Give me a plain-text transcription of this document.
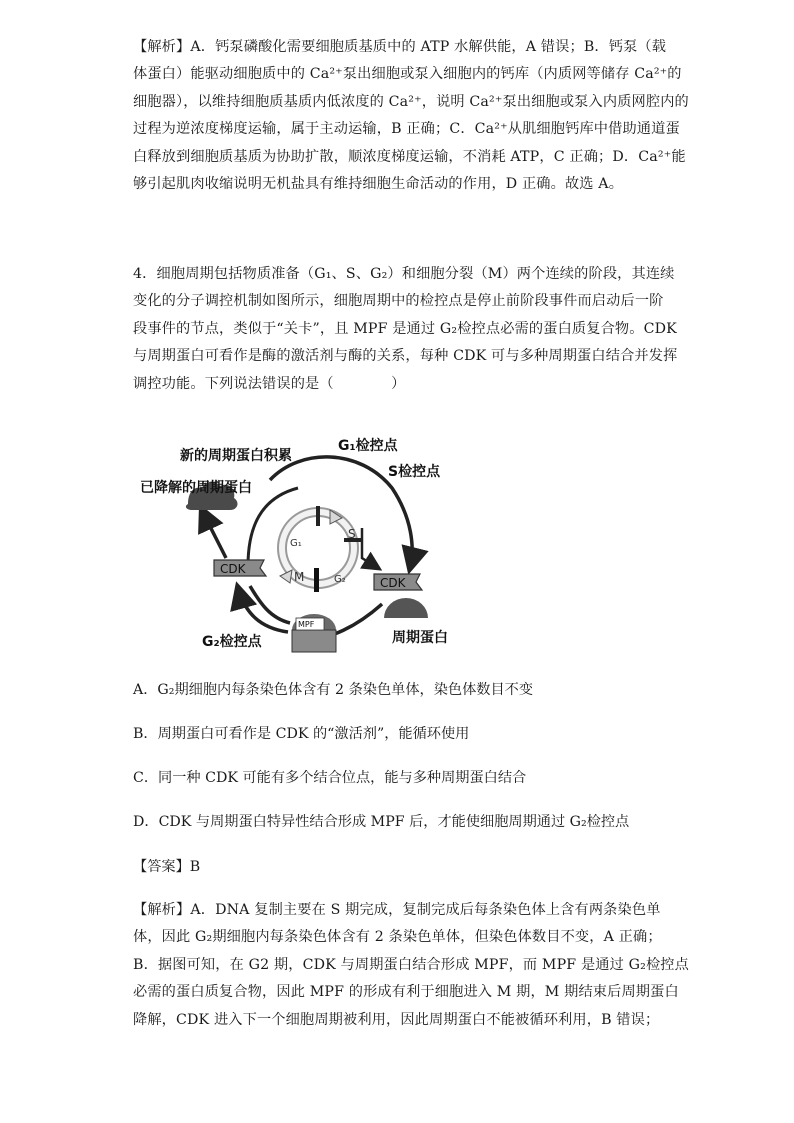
【解析】A．钙泵磷酸化需要细胞质基质中的 ATP 水解供能，A 错误；B．钙泵（载
体蛋白）能驱动细胞质中的 Ca²⁺泵出细胞或泵入细胞内的钙库（内质网等储存 Ca²⁺的
细胞器），以维持细胞质基质内低浓度的 Ca²⁺，说明 Ca²⁺泵出细胞或泵入内质网腔内的
过程为逆浓度梯度运输，属于主动运输，B 正确；C．Ca²⁺从肌细胞钙库中借助通道蛋
白释放到细胞质基质为协助扩散，顺浓度梯度运输，不消耗 ATP，C 正确；D．Ca²⁺能
够引起肌肉收缩说明无机盐具有维持细胞生命活动的作用，D 正确。故选 A。

4．细胞周期包括物质准备（G₁、S、G₂）和细胞分裂（M）两个连续的阶段，其连续
变化的分子调控机制如图所示，细胞周期中的检控点是停止前阶段事件而启动后一阶
段事件的节点，类似于“关卡”，且 MPF 是通过 G₂检控点必需的蛋白质复合物。CDK
与周期蛋白可看作是酶的激活剂与酶的关系，每种 CDK 可与多种周期蛋白结合并发挥
调控功能。下列说法错误的是（　　　　）

G₁
S
G₂
M
CDK
CDK
MPF
新的周期蛋白积累
已降解的周期蛋白
G₁检控点
S检控点
G₂检控点	周期蛋白

A．G₂期细胞内每条染色体含有 2 条染色单体，染色体数目不变

B．周期蛋白可看作是 CDK 的“激活剂”，能循环使用

C．同一种 CDK 可能有多个结合位点，能与多种周期蛋白结合

D．CDK 与周期蛋白特异性结合形成 MPF 后，才能使细胞周期通过 G₂检控点

【答案】B

【解析】A．DNA 复制主要在 S 期完成，复制完成后每条染色体上含有两条染色单
体，因此 G₂期细胞内每条染色体含有 2 条染色单体，但染色体数目不变，A 正确；
B．据图可知，在 G2 期，CDK 与周期蛋白结合形成 MPF，而 MPF 是通过 G₂检控点
必需的蛋白质复合物，因此 MPF 的形成有利于细胞进入 M 期，M 期结束后周期蛋白
降解，CDK 进入下一个细胞周期被利用，因此周期蛋白不能被循环利用，B 错误；
